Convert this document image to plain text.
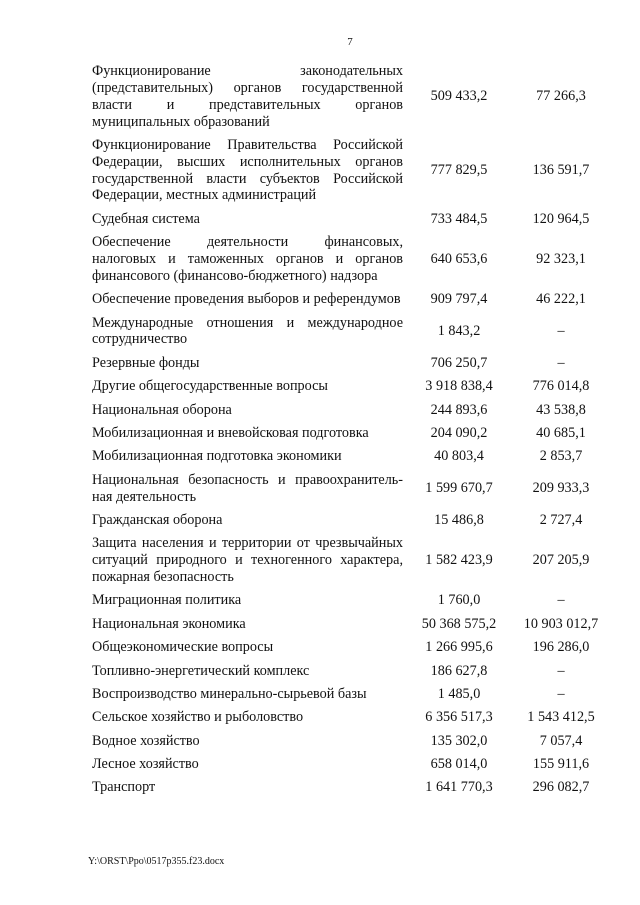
7
Функционирование законодательных (представительных) органов государственной власти и представительных органов муниципальных образований	509 433,2	77 266,3
Функционирование Правительства Российской Федерации, высших исполнительных органов государственной власти субъектов Российской Федерации, местных администраций	777 829,5	136 591,7
Судебная система	733 484,5	120 964,5
Обеспечение деятельности финансовых, налоговых и таможенных органов и органов финансового (финансово-бюджетного) надзора	640 653,6	92 323,1
Обеспечение проведения выборов и референдумов	909 797,4	46 222,1
Международные отношения и международное сотрудничество	1 843,2	–
Резервные фонды	706 250,7	–
Другие общегосударственные вопросы	3 918 838,4	776 014,8
Национальная оборона	244 893,6	43 538,8
Мобилизационная и вневойсковая подготовка	204 090,2	40 685,1
Мобилизационная подготовка экономики	40 803,4	2 853,7
Национальная безопасность и правоохранитель-ная деятельность	1 599 670,7	209 933,3
Гражданская оборона	15 486,8	2 727,4
Защита населения и территории от чрезвычайных ситуаций природного и техногенного характера, пожарная безопасность	1 582 423,9	207 205,9
Миграционная политика	1 760,0	–
Национальная экономика	50 368 575,2	10 903 012,7
Общеэкономические вопросы	1 266 995,6	196 286,0
Топливно-энергетический комплекс	186 627,8	–
Воспроизводство минерально-сырьевой базы	1 485,0	–
Сельское хозяйство и рыболовство	6 356 517,3	1 543 412,5
Водное хозяйство	135 302,0	7 057,4
Лесное хозяйство	658 014,0	155 911,6
Транспорт	1 641 770,3	296 082,7
Y:\ORST\Ppo\0517p355.f23.docx
